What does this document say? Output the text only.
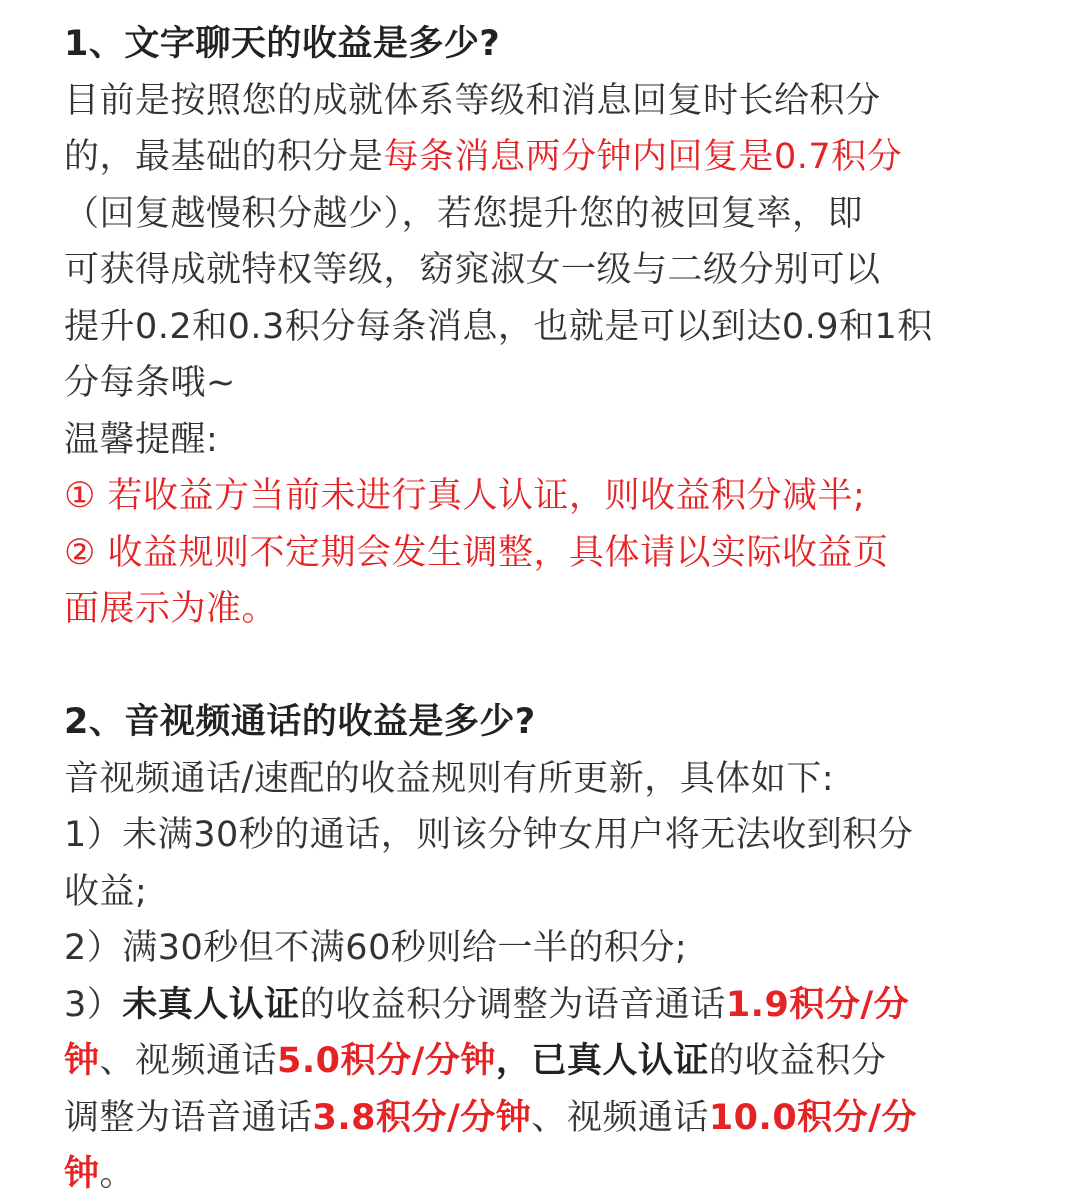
1、文字聊天的收益是多少?
目前是按照您的成就体系等级和消息回复时长给积分
的，最基础的积分是每条消息两分钟内回复是0.7积分
（回复越慢积分越少），若您提升您的被回复率，即
可获得成就特权等级，窈窕淑女一级与二级分别可以
提升0.2和0.3积分每条消息，也就是可以到达0.9和1积
分每条哦~
温馨提醒:
① 若收益方当前未进行真人认证，则收益积分减半;
② 收益规则不定期会发生调整，具体请以实际收益页
面展示为准。
2、音视频通话的收益是多少?
音视频通话/速配的收益规则有所更新，具体如下:
1）未满30秒的通话，则该分钟女用户将无法收到积分
收益;
2）满30秒但不满60秒则给一半的积分;
3）未真人认证的收益积分调整为语音通话1.9积分/分
钟、视频通话5.0积分/分钟，已真人认证的收益积分
调整为语音通话3.8积分/分钟、视频通话10.0积分/分
钟。
